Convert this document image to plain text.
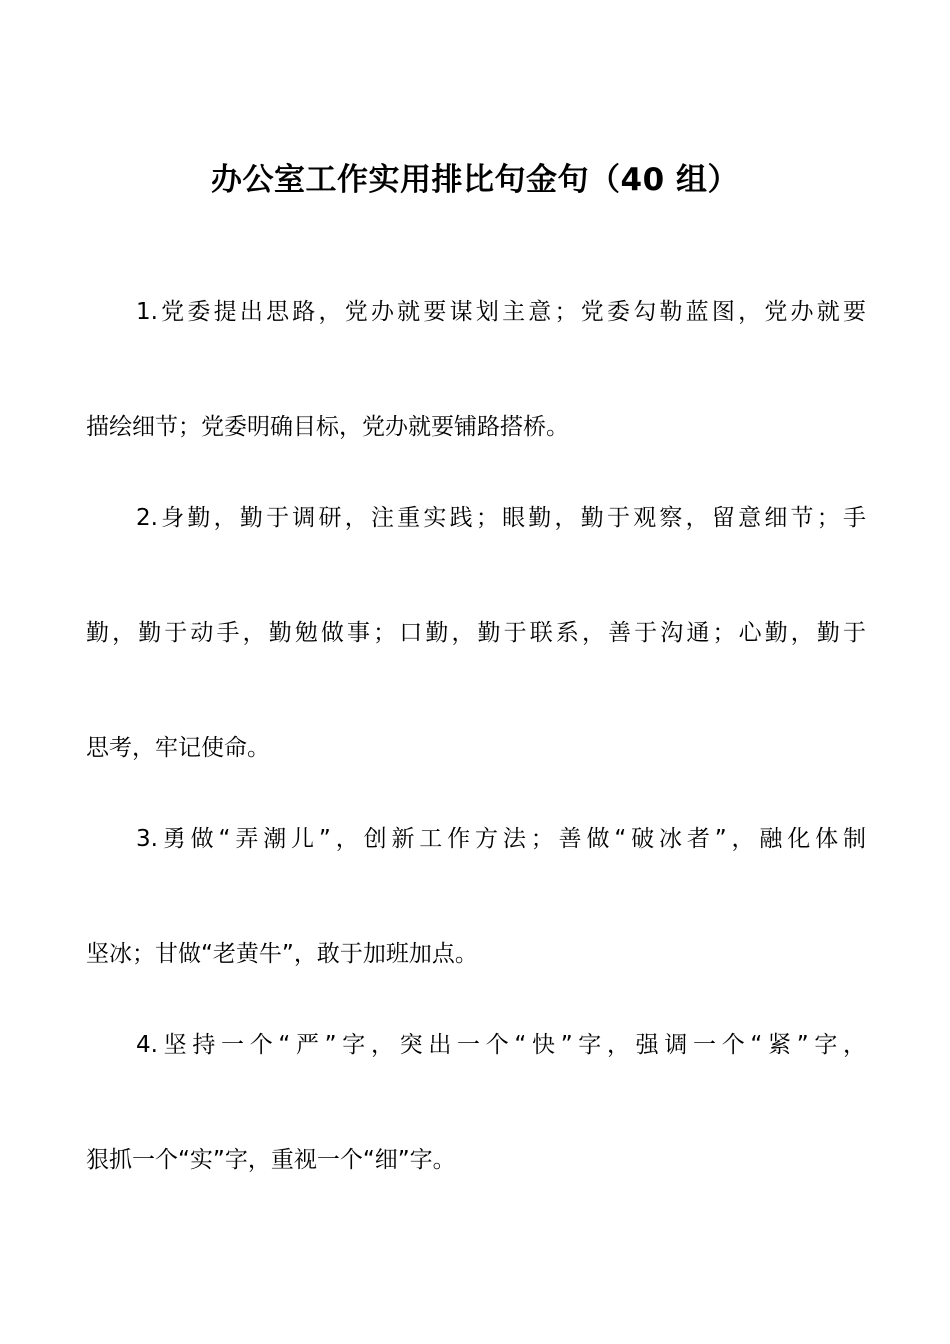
办公室工作实用排比句金句（40 组）
1.党委提出思路，党办就要谋划主意；党委勾勒蓝图，党办就要
描绘细节；党委明确目标，党办就要铺路搭桥。
2.身勤，勤于调研，注重实践；眼勤，勤于观察，留意细节；手
勤，勤于动手，勤勉做事；口勤，勤于联系，善于沟通；心勤，勤于
思考，牢记使命。
3.勇做“弄潮儿”，创新工作方法；善做“破冰者”，融化体制
坚冰；甘做“老黄牛”，敢于加班加点。
4.坚持一个“严”字，突出一个“快”字，强调一个“紧”字，
狠抓一个“实”字，重视一个“细”字。
